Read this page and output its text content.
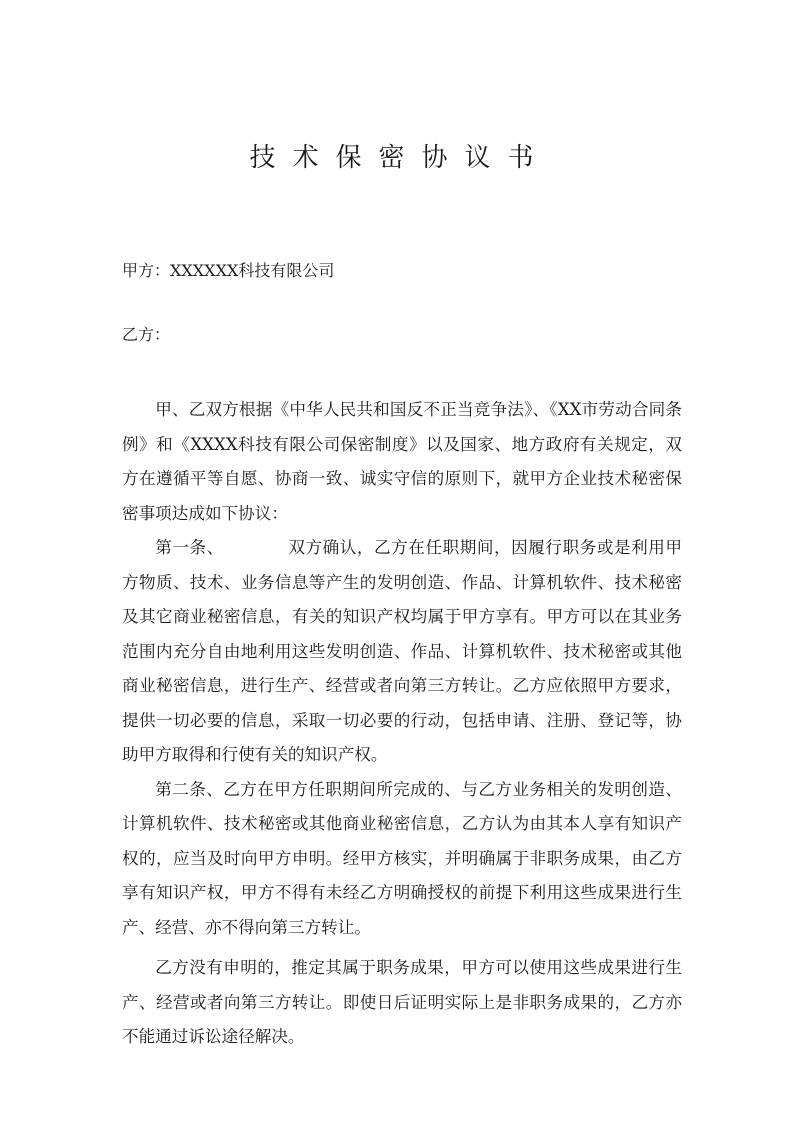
技术保密协议书
甲方：XXXXXX科技有限公司
乙方：

甲、乙双方根据《中华人民共和国反不正当竞争法》、《XX市劳动合同条例》和《XXXX科技有限公司保密制度》以及国家、地方政府有关规定，双方在遵循平等自愿、协商一致、诚实守信的原则下，就甲方企业技术秘密保密事项达成如下协议：

第一条、	双方确认，乙方在任职期间，因履行职务或是利用甲方物质、技术、业务信息等产生的发明创造、作品、计算机软件、技术秘密及其它商业秘密信息，有关的知识产权均属于甲方享有。甲方可以在其业务范围内充分自由地利用这些发明创造、作品、计算机软件、技术秘密或其他商业秘密信息，进行生产、经营或者向第三方转让。乙方应依照甲方要求，提供一切必要的信息，采取一切必要的行动，包括申请、注册、登记等，协助甲方取得和行使有关的知识产权。

第二条、乙方在甲方任职期间所完成的、与乙方业务相关的发明创造、计算机软件、技术秘密或其他商业秘密信息，乙方认为由其本人享有知识产权的，应当及时向甲方申明。经甲方核实，并明确属于非职务成果，由乙方享有知识产权，甲方不得有未经乙方明确授权的前提下利用这些成果进行生产、经营、亦不得向第三方转让。

乙方没有申明的，推定其属于职务成果，甲方可以使用这些成果进行生产、经营或者向第三方转让。即使日后证明实际上是非职务成果的，乙方亦不能通过诉讼途径解决。
